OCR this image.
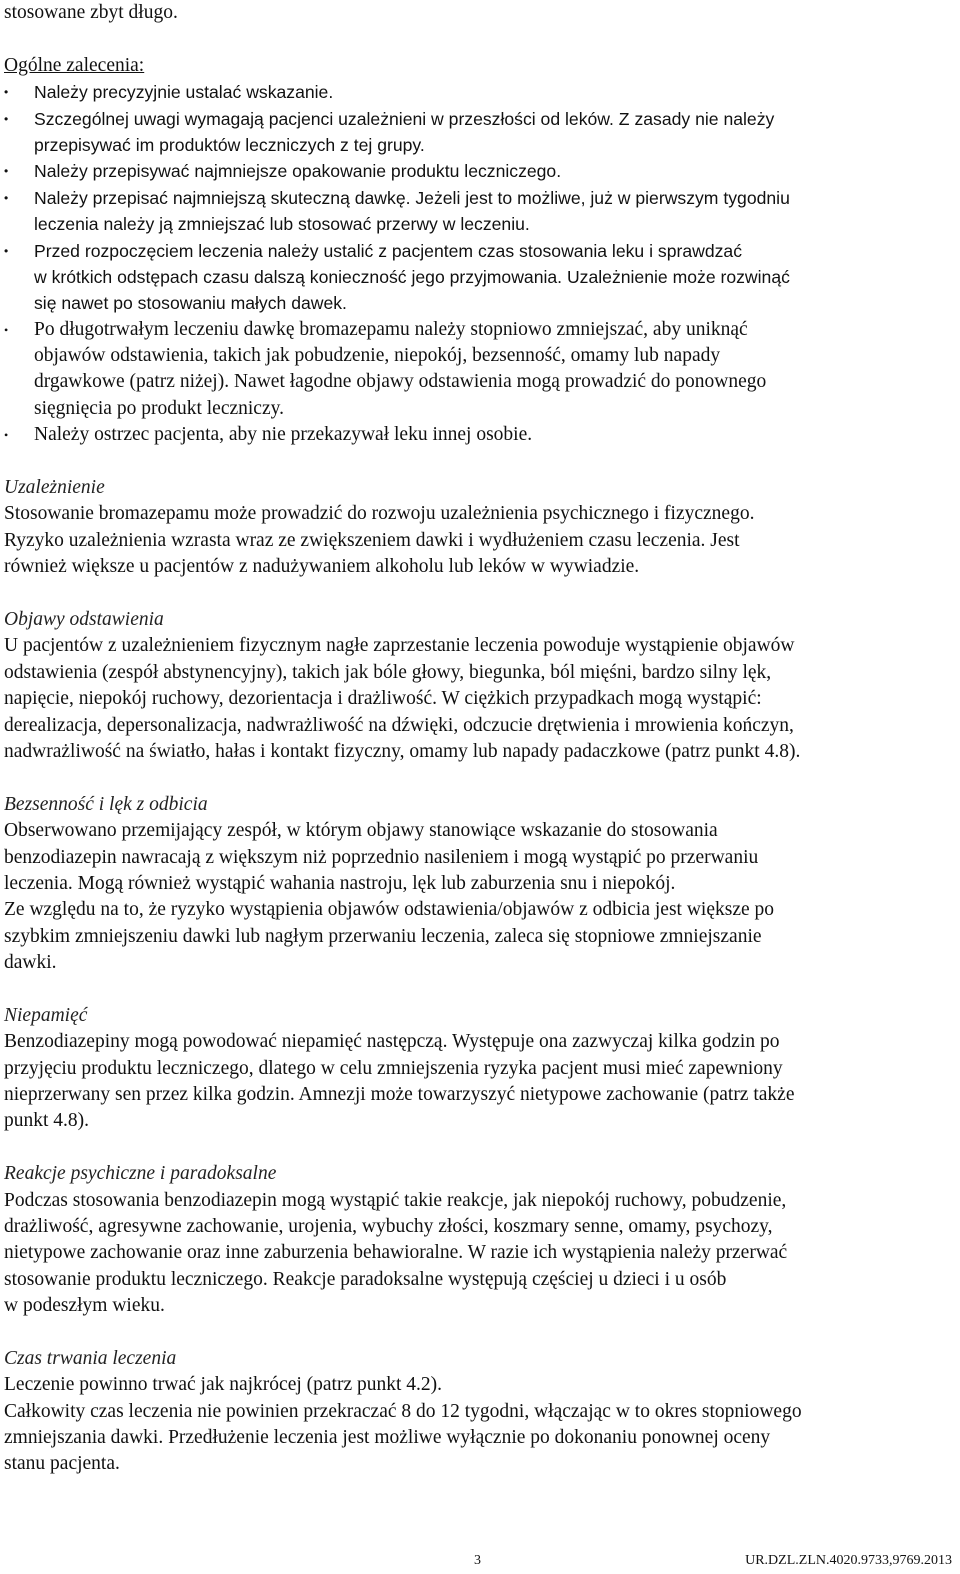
stosowane zbyt długo.
Ogólne zalecenia:
•	Należy precyzyjnie ustalać wskazanie.
•	Szczególnej uwagi wymagają pacjenci uzależnieni w przeszłości od leków. Z zasady nie należy
przepisywać im produktów leczniczych z tej grupy.
•	Należy przepisywać najmniejsze opakowanie produktu leczniczego.
•	Należy przepisać najmniejszą skuteczną dawkę. Jeżeli jest to możliwe, już w pierwszym tygodniu
leczenia należy ją zmniejszać lub stosować przerwy w leczeniu.
•	Przed rozpoczęciem leczenia należy ustalić z pacjentem czas stosowania leku i sprawdzać
w krótkich odstępach czasu dalszą konieczność jego przyjmowania. Uzależnienie może rozwinąć
się nawet po stosowaniu małych dawek.
•	Po długotrwałym leczeniu dawkę bromazepamu należy stopniowo zmniejszać, aby uniknąć
objawów odstawienia, takich jak pobudzenie, niepokój, bezsenność, omamy lub napady
drgawkowe (patrz niżej). Nawet łagodne objawy odstawienia mogą prowadzić do ponownego
sięgnięcia po produkt leczniczy.
•	Należy ostrzec pacjenta, aby nie przekazywał leku innej osobie.
Uzależnienie
Stosowanie bromazepamu może prowadzić do rozwoju uzależnienia psychicznego i fizycznego.
Ryzyko uzależnienia wzrasta wraz ze zwiększeniem dawki i wydłużeniem czasu leczenia. Jest
również większe u pacjentów z nadużywaniem alkoholu lub leków w wywiadzie.
Objawy odstawienia
U pacjentów z uzależnieniem fizycznym nagłe zaprzestanie leczenia powoduje wystąpienie objawów
odstawienia (zespół abstynencyjny), takich jak bóle głowy, biegunka, ból mięśni, bardzo silny lęk,
napięcie, niepokój ruchowy, dezorientacja i drażliwość. W ciężkich przypadkach mogą wystąpić:
derealizacja, depersonalizacja, nadwrażliwość na dźwięki, odczucie drętwienia i mrowienia kończyn,
nadwrażliwość na światło, hałas i kontakt fizyczny, omamy lub napady padaczkowe (patrz punkt 4.8).
Bezsenność i lęk z odbicia
Obserwowano przemijający zespół, w którym objawy stanowiące wskazanie do stosowania
benzodiazepin nawracają z większym niż poprzednio nasileniem i mogą wystąpić po przerwaniu
leczenia. Mogą również wystąpić wahania nastroju, lęk lub zaburzenia snu i niepokój.
Ze względu na to, że ryzyko wystąpienia objawów odstawienia/objawów z odbicia jest większe po
szybkim zmniejszeniu dawki lub nagłym przerwaniu leczenia, zaleca się stopniowe zmniejszanie
dawki.
Niepamięć
Benzodiazepiny mogą powodować niepamięć następczą. Występuje ona zazwyczaj kilka godzin po
przyjęciu produktu leczniczego, dlatego w celu zmniejszenia ryzyka pacjent musi mieć zapewniony
nieprzerwany sen przez kilka godzin. Amnezji może towarzyszyć nietypowe zachowanie (patrz także
punkt 4.8).
Reakcje psychiczne i paradoksalne
Podczas stosowania benzodiazepin mogą wystąpić takie reakcje, jak niepokój ruchowy, pobudzenie,
drażliwość, agresywne zachowanie, urojenia, wybuchy złości, koszmary senne, omamy, psychozy,
nietypowe zachowanie oraz inne zaburzenia behawioralne. W razie ich wystąpienia należy przerwać
stosowanie produktu leczniczego. Reakcje paradoksalne występują częściej u dzieci i u osób
w podeszłym wieku.
Czas trwania leczenia
Leczenie powinno trwać jak najkrócej (patrz punkt 4.2).
Całkowity czas leczenia nie powinien przekraczać 8 do 12 tygodni, włączając w to okres stopniowego
zmniejszania dawki. Przedłużenie leczenia jest możliwe wyłącznie po dokonaniu ponownej oceny
stanu pacjenta.
3	UR.DZL.ZLN.4020.9733,9769.2013
